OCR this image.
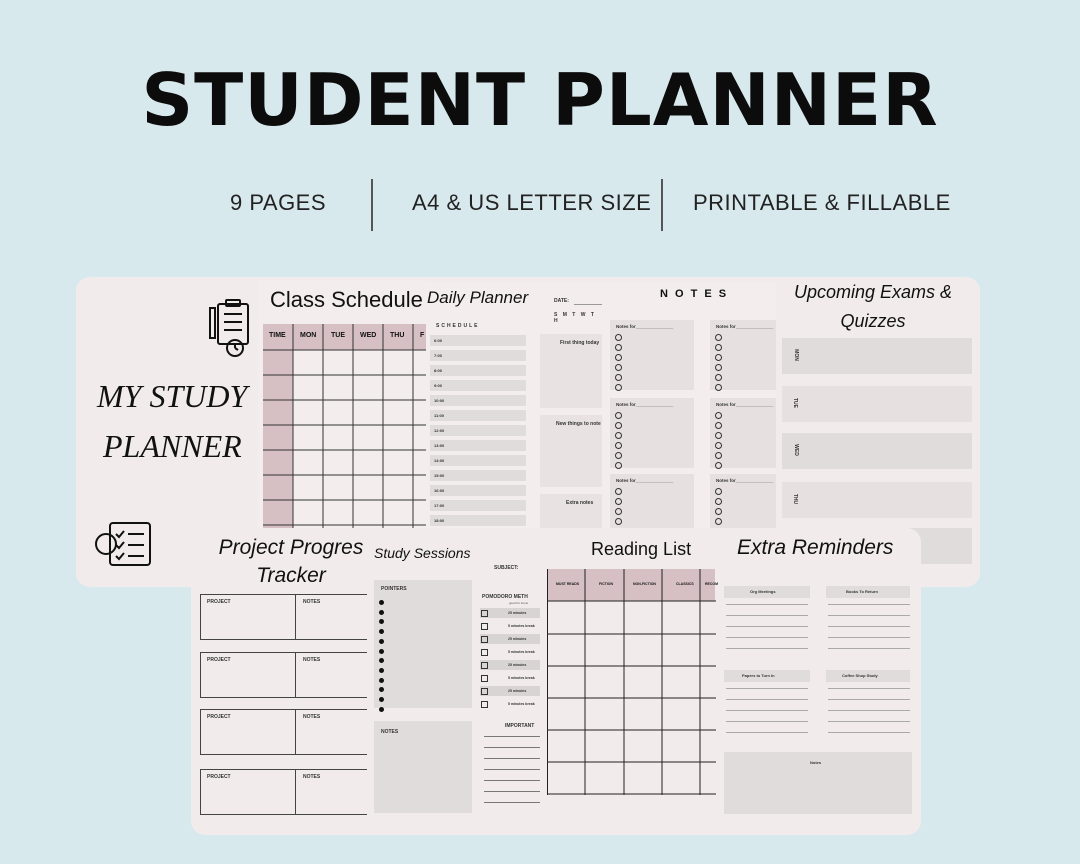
STUDENT PLANNER
9 PAGES	A4 & US LETTER SIZE PRINTABLE & FILLABLE
MY STUDY
PLANNER
Class Schedule
TIME MON TUE WED THU F
Daily Planner	DATE:
S M T W T H
SCHEDULE
6:00
7:00
8:00
9:00
10:00
11:00
12:00
13:00
14:00
15:00
16:00
17:00
18:00
First thing today
New things to note
Extra notes
N O T E S
Notes for_______________
Notes for_______________
Notes for_______________
Notes for_______________
Notes for_______________
Notes for_______________
Upcoming Exams &
Quizzes
MON
TUE
WED
THU
Project Progres
Tracker
PROJECT	NOTES
PROJECT	NOTES
PROJECT	NOTES
PROJECT	NOTES
Study Sessions
SUBJECT:
POINTERS
NOTES
POMODORO METH
good for focus
25 minutes
5 minutes break
25 minutes
5 minutes break
25 minutes
5 minutes break
25 minutes
5 minutes break
IMPORTANT
Reading List
MUST READS	FICTION	NON-FICTION	CLASSICS	RECOM
Extra Reminders
Org Meetings	Books To Return
Papers to Turn In	Coffee Shop Study
Notes
